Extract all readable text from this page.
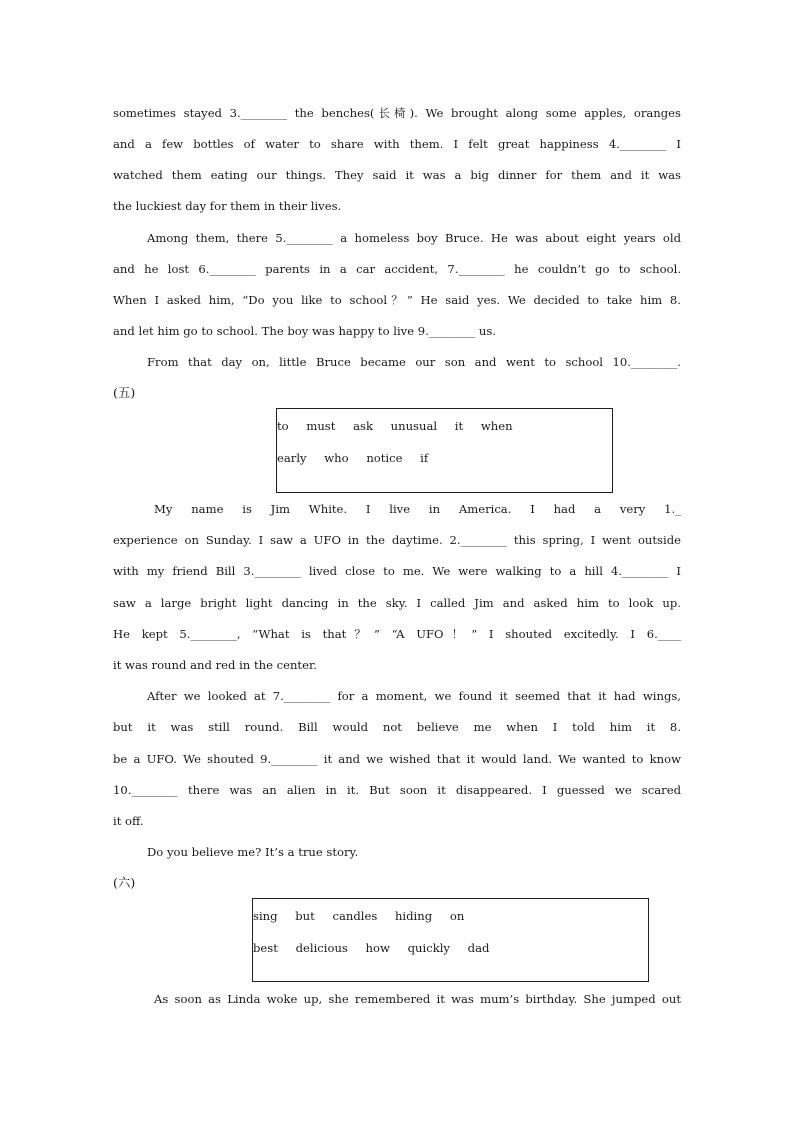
sometimes stayed 3.________ the benches(长椅). We brought along some apples, oranges
and a few bottles of water to share with them. I felt great happiness 4.________ I
watched them eating our things. They said it was a big dinner for them and it was
the luckiest day for them in their lives.
Among them, there 5.________ a homeless boy Bruce. He was about eight years old
and he lost 6.________ parents in a car accident, 7.________ he couldn’t go to school.
When I asked him, “Do you like to school？” He said yes. We decided to take him 8.
and let him go to school. The boy was happy to live 9.________ us.
From that day on, little Bruce became our son and went to school 10.________.
(五)
to must ask unusual it when
early who notice if
My name is Jim White. I live in America. I had a very 1._
experience on Sunday. I saw a UFO in the daytime. 2.________ this spring, I went outside
with my friend Bill 3.________ lived close to me. We were walking to a hill 4.________ I
saw a large bright light dancing in the sky. I called Jim and asked him to look up.
He kept 5.________, “What is that？” “A UFO！” I shouted excitedly. I 6.____
it was round and red in the center.
After we looked at 7.________ for a moment, we found it seemed that it had wings,
but it was still round. Bill would not believe me when I told him it 8.
be a UFO. We shouted 9.________ it and we wished that it would land. We wanted to know
10.________ there was an alien in it. But soon it disappeared. I guessed we scared
it off.
Do you believe me? It’s a true story.
(六)
sing but candles hiding on
best delicious how quickly dad
As soon as Linda woke up, she remembered it was mum’s birthday. She jumped out
